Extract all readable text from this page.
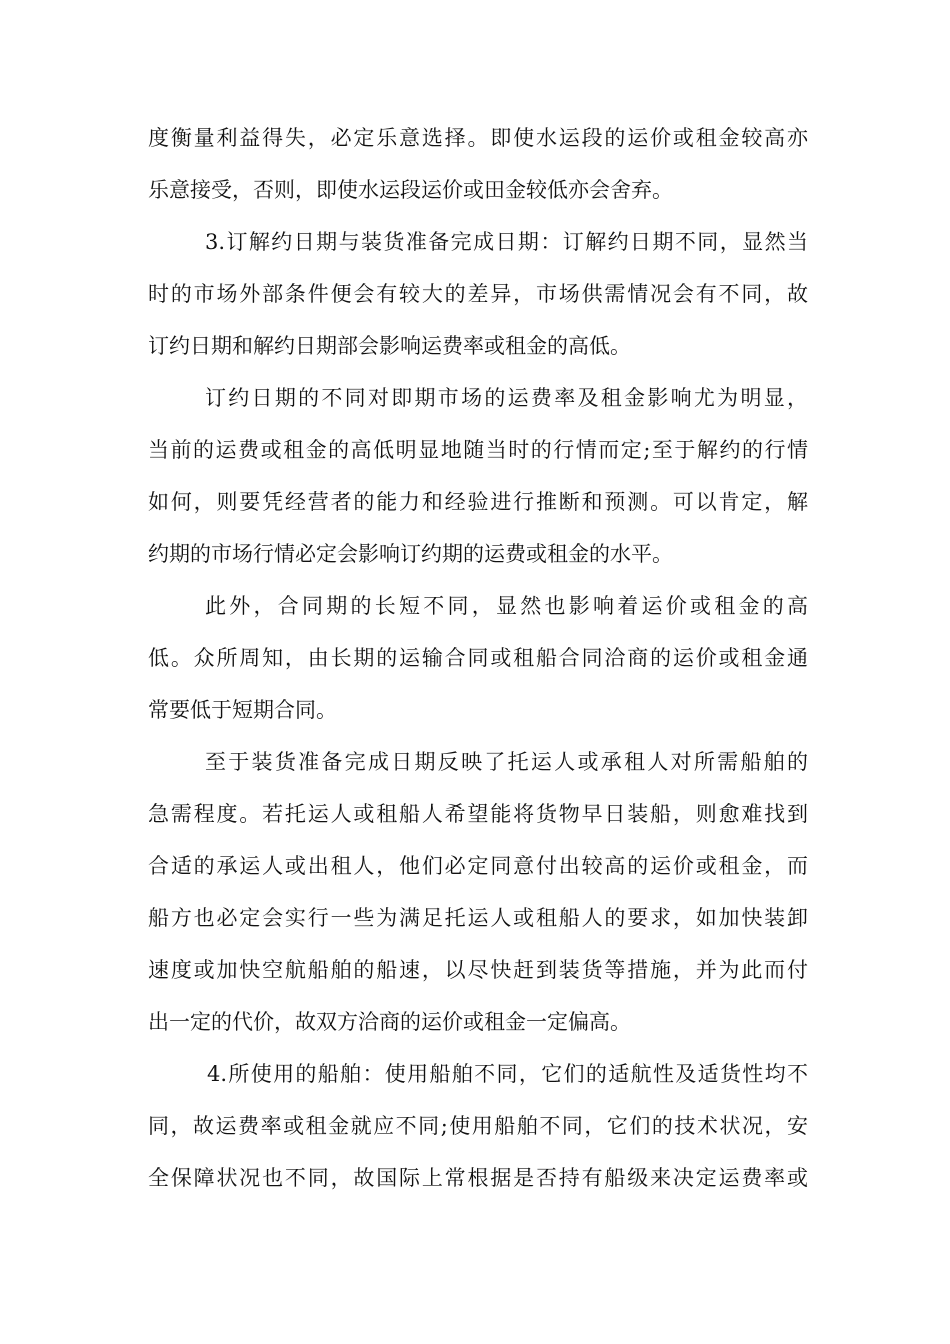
度衡量利益得失，必定乐意选择。即使水运段的运价或租金较高亦
乐意接受，否则，即使水运段运价或田金较低亦会舍弃。
3.订解约日期与装货准备完成日期：订解约日期不同，显然当
时的市场外部条件便会有较大的差异，市场供需情况会有不同，故
订约日期和解约日期部会影响运费率或租金的高低。
订约日期的不同对即期市场的运费率及租金影响尤为明显，
当前的运费或租金的高低明显地随当时的行情而定;至于解约的行情
如何，则要凭经营者的能力和经验进行推断和预测。可以肯定，解
约期的市场行情必定会影响订约期的运费或租金的水平。
此外，合同期的长短不同，显然也影响着运价或租金的高
低。众所周知，由长期的运输合同或租船合同洽商的运价或租金通
常要低于短期合同。
至于装货准备完成日期反映了托运人或承租人对所需船舶的
急需程度。若托运人或租船人希望能将货物早日装船，则愈难找到
合适的承运人或出租人，他们必定同意付出较高的运价或租金，而
船方也必定会实行一些为满足托运人或租船人的要求，如加快装卸
速度或加快空航船舶的船速，以尽快赶到装货等措施，并为此而付
出一定的代价，故双方洽商的运价或租金一定偏高。
4.所使用的船舶：使用船舶不同，它们的适航性及适货性均不
同，故运费率或租金就应不同;使用船舶不同，它们的技术状况，安
全保障状况也不同，故国际上常根据是否持有船级来决定运费率或
